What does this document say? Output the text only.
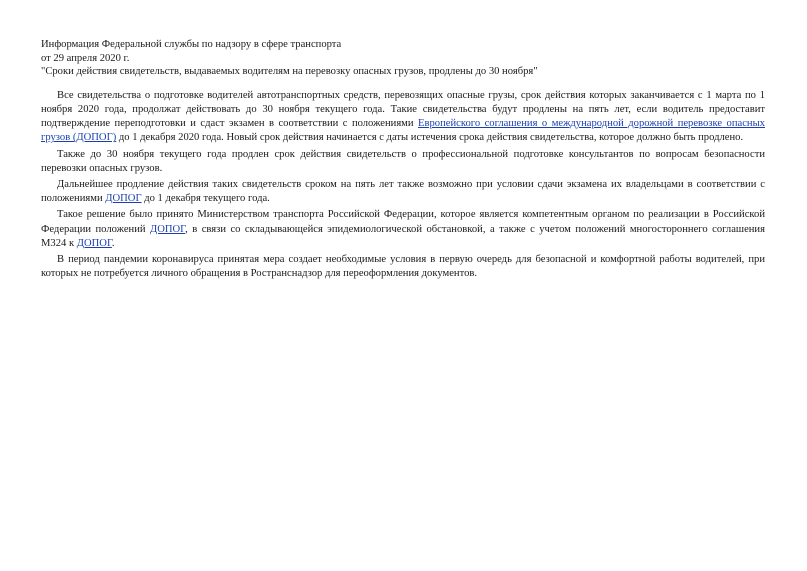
Информация Федеральной службы по надзору в сфере транспорта
от 29 апреля 2020 г.
"Сроки действия свидетельств, выдаваемых водителям на перевозку опасных грузов, продлены до 30 ноября"

Все свидетельства о подготовке водителей автотранспортных средств, перевозящих опасные грузы, срок действия которых заканчивается с 1 марта по 1 ноября 2020 года, продолжат действовать до 30 ноября текущего года. Такие свидетельства будут продлены на пять лет, если водитель предоставит подтверждение переподготовки и сдаст экзамен в соответствии с положениями Европейского соглашения о международной дорожной перевозке опасных грузов (ДОПОГ) до 1 декабря 2020 года. Новый срок действия начинается с даты истечения срока действия свидетельства, которое должно быть продлено.

Также до 30 ноября текущего года продлен срок действия свидетельств о профессиональной подготовке консультантов по вопросам безопасности перевозки опасных грузов.

Дальнейшее продление действия таких свидетельств сроком на пять лет также возможно при условии сдачи экзамена их владельцами в соответствии с положениями ДОПОГ до 1 декабря текущего года.

Такое решение было принято Министерством транспорта Российской Федерации, которое является компетентным органом по реализации в Российской Федерации положений ДОПОГ, в связи со складывающейся эпидемиологической обстановкой, а также с учетом положений многостороннего соглашения M324 к ДОПОГ.

В период пандемии коронавируса принятая мера создает необходимые условия в первую очередь для безопасной и комфортной работы водителей, при которых не потребуется личного обращения в Ространснадзор для переоформления документов.
